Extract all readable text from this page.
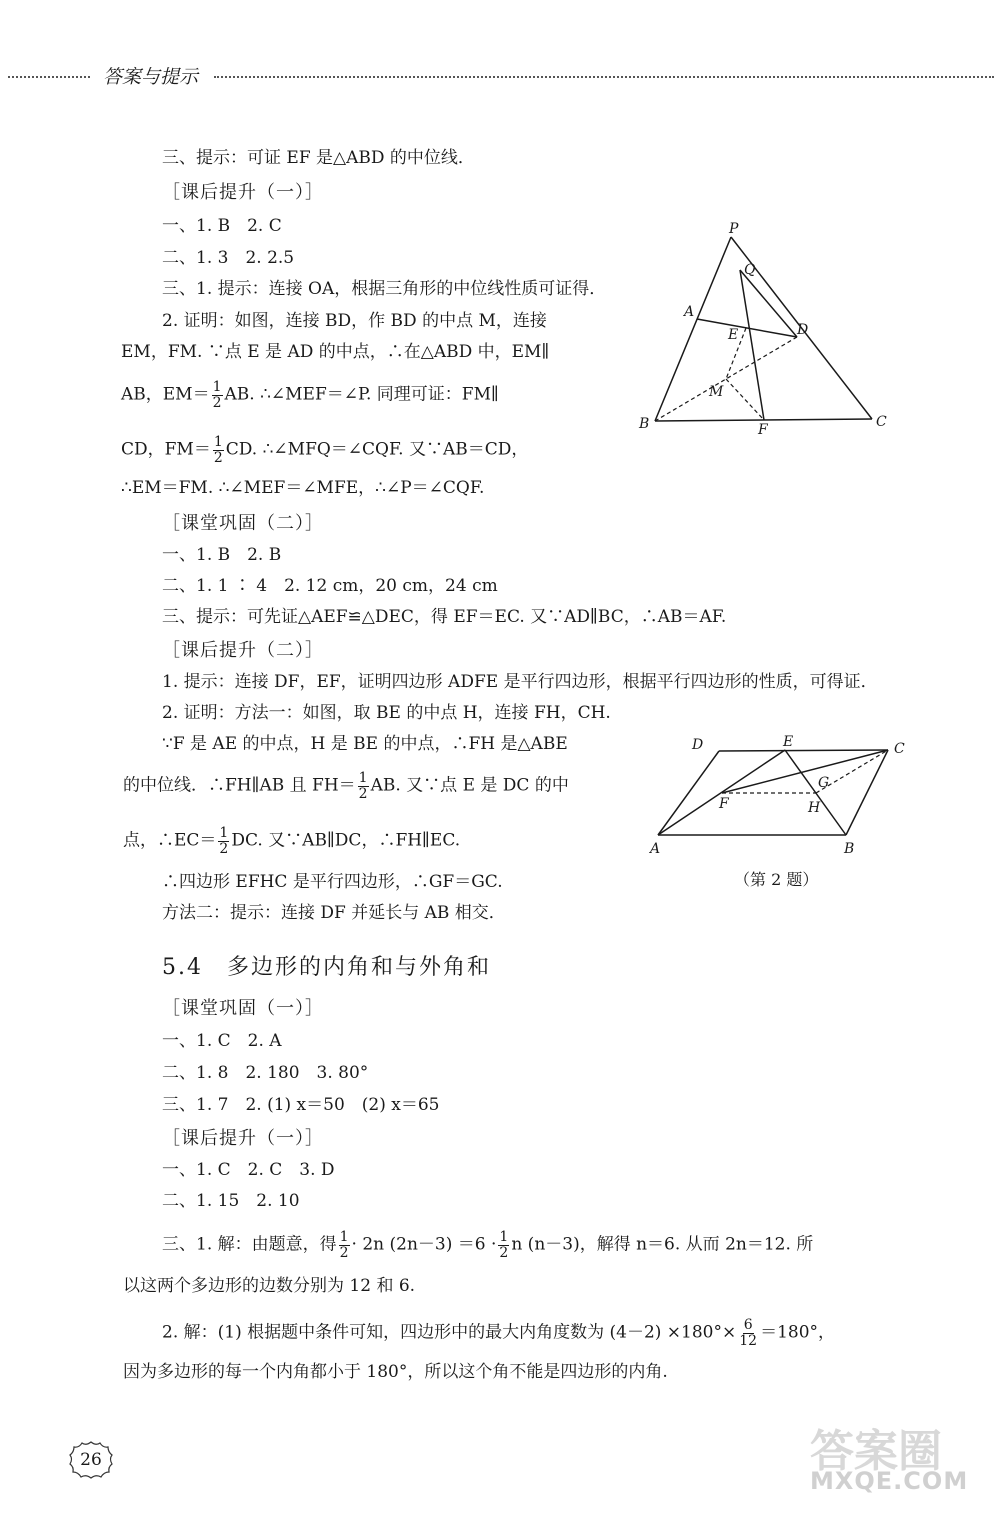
答案与提示
三、提示：可证 EF 是△ABD 的中位线．
［课后提升（一）］
一、1. B　2. C
二、1. 3　2. 2.5
三、1. 提示：连接 OA，根据三角形的中位线性质可证得．
2. 证明：如图，连接 BD，作 BD 的中点 M，连接
EM，FM. ∵点 E 是 AD 的中点，∴在△ABD 中，EM∥
AB，$EM= \frac{1}{2}$ AB. ∴∠MEF＝∠P. 同理可证：FM∥
CD，$FM= \frac{1}{2}$ CD. ∴∠MFQ＝∠CQF. 又∵AB＝CD，
∴EM＝FM. ∴∠MEF＝∠MFE，∴∠P＝∠CQF.
［课堂巩固（二）］
一、1. B　2. B
二、1. 1 ∶ 4　2. 12 cm，20 cm，24 cm
三、提示：可先证△AEF≌△DEC，得 EF＝EC. 又∵AD∥BC，∴AB＝AF.
［课后提升（二）］
1. 提示：连接 DF，EF，证明四边形 ADFE 是平行四边形，根据平行四边形的性质，可得证．
2. 证明：方法一：如图，取 BE 的中点 H，连接 FH，CH.
∵F 是 AE 的中点，H 是 BE 的中点，∴FH 是△ABE
的中位线．∴FH∥AB 且 $FH= \frac{1}{2}$ AB. 又∵点 E 是 DC 的中
点，∴EC＝ $\frac{1}{2}$ DC. 又∵AB∥DC，∴FH∥EC.
∴四边形 EFHC 是平行四边形，∴GF＝GC.
方法二：提示：连接 DF 并延长与 AB 相交．
5.4　多边形的内角和与外角和
［课堂巩固（一）］
一、1. C　2. A
二、1. 8　2. 180　3. 80°
三、1. 7　2. (1) x＝50　(2) x＝65
［课后提升（一）］
一、1. C　2. C　3. D
二、1. 15　2. 10
三、1. 解：由题意，得 $\frac{1}{2} \cdot 2n$ $(2n-3) =6 \cdot \frac{1}{2}$ n (n－3)，解得 n＝6. 从而 2n＝12. 所
以这两个多边形的边数分别为 12 和 6.
2. 解：(1) 根据题中条件可知，四边形中的最大内角度数为 $(4-2) \times 180^\circ\times \frac{6}{12} =180^\circ$，
因为多边形的每一个内角都小于 180°，所以这个角不能是四边形的内角.
P
Q
A
D
E
M
B	F	C
D	E	C
G
F	H
A	B
（第 2 题）
26	答案圈
MXQE.COM
